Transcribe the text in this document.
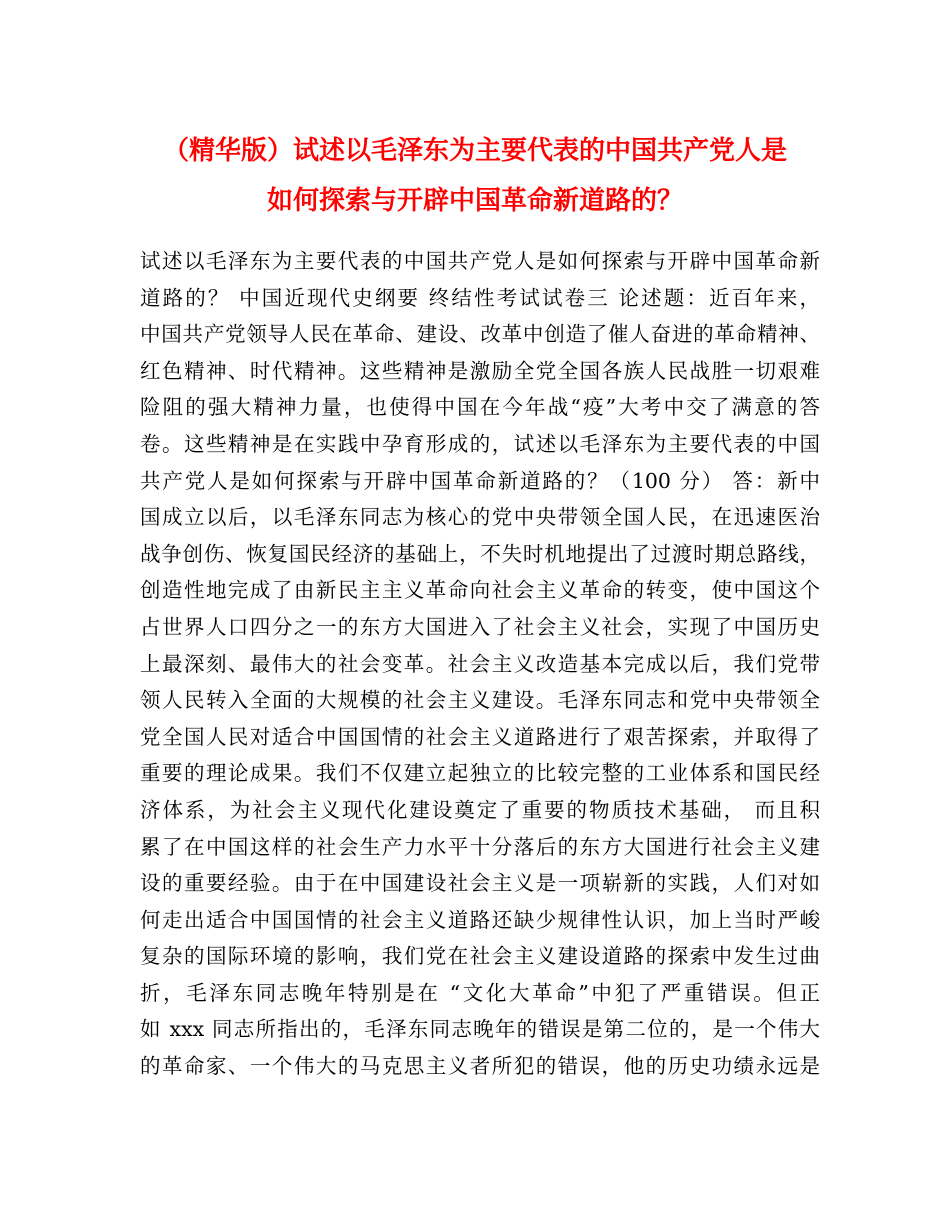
（精华版）试述以毛泽东为主要代表的中国共产党人是
如何探索与开辟中国革命新道路的？
试述以毛泽东为主要代表的中国共产党人是如何探索与开辟中国革命新
道路的？ 中国近现代史纲要 终结性考试试卷三 论述题：近百年来，
中国共产党领导人民在革命、建设、改革中创造了催人奋进的革命精神、
红色精神、时代精神。这些精神是激励全党全国各族人民战胜一切艰难
险阻的强大精神力量，也使得中国在今年战“疫”大考中交了满意的答
卷。这些精神是在实践中孕育形成的，试述以毛泽东为主要代表的中国
共产党人是如何探索与开辟中国革命新道路的？（100 分） 答：新中
国成立以后，以毛泽东同志为核心的党中央带领全国人民，在迅速医治
战争创伤、恢复国民经济的基础上，不失时机地提出了过渡时期总路线，
创造性地完成了由新民主主义革命向社会主义革命的转变，使中国这个
占世界人口四分之一的东方大国进入了社会主义社会，实现了中国历史
上最深刻、最伟大的社会变革。社会主义改造基本完成以后，我们党带
领人民转入全面的大规模的社会主义建设。毛泽东同志和党中央带领全
党全国人民对适合中国国情的社会主义道路进行了艰苦探索，并取得了
重要的理论成果。我们不仅建立起独立的比较完整的工业体系和国民经
济体系，为社会主义现代化建设奠定了重要的物质技术基础， 而且积
累了在中国这样的社会生产力水平十分落后的东方大国进行社会主义建
设的重要经验。由于在中国建设社会主义是一项崭新的实践，人们对如
何走出适合中国国情的社会主义道路还缺少规律性认识，加上当时严峻
复杂的国际环境的影响，我们党在社会主义建设道路的探索中发生过曲
折，毛泽东同志晚年特别是在 “文化大革命”中犯了严重错误。但正
如 xxx 同志所指出的，毛泽东同志晚年的错误是第二位的，是一个伟大
的革命家、一个伟大的马克思主义者所犯的错误，他的历史功绩永远是
